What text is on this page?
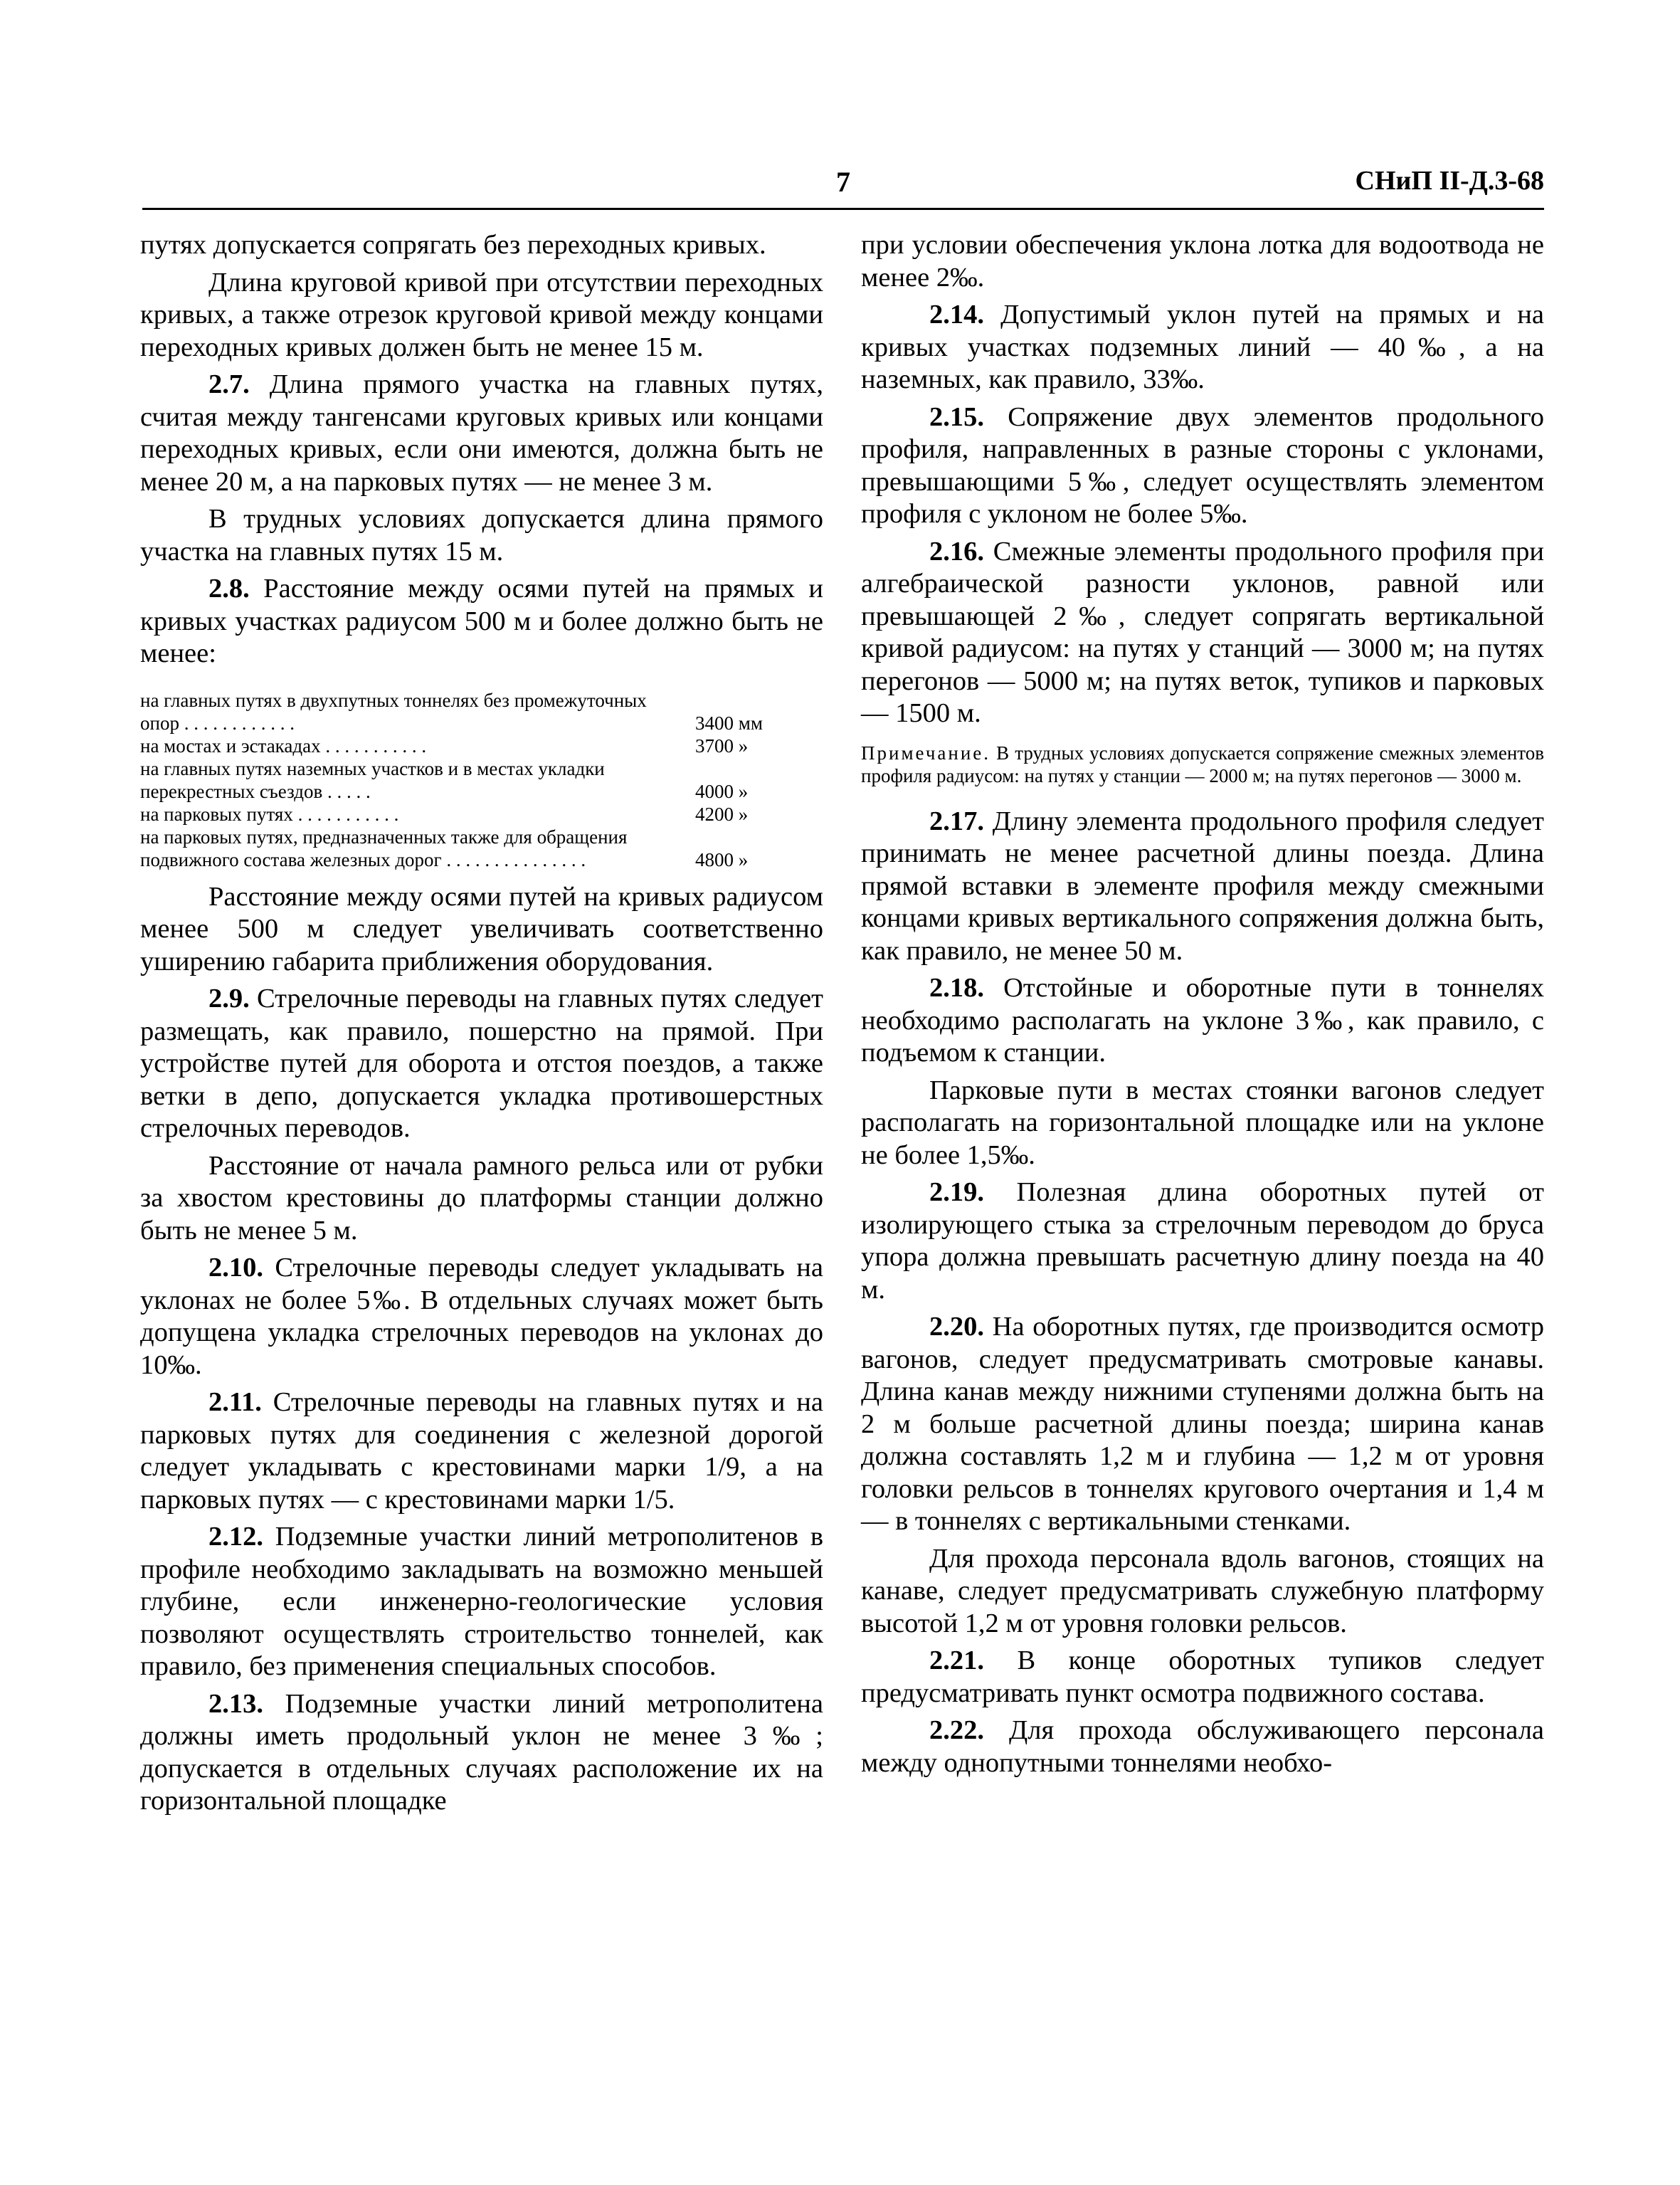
7	СНиП II-Д.3-68

путях допускается сопрягать без переходных кривых.

Длина круговой кривой при отсутствии переходных кривых, а также отрезок круговой кривой между концами переходных кривых должен быть не менее 15 м.

2.7. Длина прямого участка на главных путях, считая между тангенсами круговых кривых или концами переходных кривых, если они имеются, должна быть не менее 20 м, а на парковых путях — не менее 3 м.

В трудных условиях допускается длина прямого участка на главных путях 15 м.

2.8. Расстояние между осями путей на прямых и кривых участках радиусом 500 м и более должно быть не менее:

на главных путях в двухпутных тоннелях без промежуточных опор . . . . . . . . . . . .	3400 мм
на мостах и эстакадах . . . . . . . . . . .	3700 »
на главных путях наземных участков и в местах укладки перекрестных съездов . . . . .	4000 »
на парковых путях . . . . . . . . . . .	4200 »
на парковых путях, предназначенных также для обращения подвижного состава железных дорог . . . . . . . . . . . . . . .	4800 »

Расстояние между осями путей на кривых радиусом менее 500 м следует увеличивать соответственно уширению габарита приближения оборудования.

2.9. Стрелочные переводы на главных путях следует размещать, как правило, пошерстно на прямой. При устройстве путей для оборота и отстоя поездов, а также ветки в депо, допускается укладка противошерстных стрелочных переводов.

Расстояние от начала рамного рельса или от рубки за хвостом крестовины до платформы станции должно быть не менее 5 м.

2.10. Стрелочные переводы следует укладывать на уклонах не более 5‰. В отдельных случаях может быть допущена укладка стрелочных переводов на уклонах до 10‰.

2.11. Стрелочные переводы на главных путях и на парковых путях для соединения с железной дорогой следует укладывать с крестовинами марки 1/9, а на парковых путях — с крестовинами марки 1/5.

2.12. Подземные участки линий метрополитенов в профиле необходимо закладывать на возможно меньшей глубине, если инженерно-геологические условия позволяют осуществлять строительство тоннелей, как правило, без применения специальных способов.

2.13. Подземные участки линий метрополитена должны иметь продольный уклон не менее 3‰; допускается в отдельных случаях расположение их на горизонтальной площадке

при условии обеспечения уклона лотка для водоотвода не менее 2‰.

2.14. Допустимый уклон путей на прямых и на кривых участках подземных линий — 40‰, а на наземных, как правило, 33‰.

2.15. Сопряжение двух элементов продольного профиля, направленных в разные стороны с уклонами, превышающими 5‰, следует осуществлять элементом профиля с уклоном не более 5‰.

2.16. Смежные элементы продольного профиля при алгебраической разности уклонов, равной или превышающей 2‰, следует сопрягать вертикальной кривой радиусом: на путях у станций — 3000 м; на путях перегонов — 5000 м; на путях веток, тупиков и парковых — 1500 м.

Примечание. В трудных условиях допускается сопряжение смежных элементов профиля радиусом: на путях у станции — 2000 м; на путях перегонов — 3000 м.

2.17. Длину элемента продольного профиля следует принимать не менее расчетной длины поезда. Длина прямой вставки в элементе профиля между смежными концами кривых вертикального сопряжения должна быть, как правило, не менее 50 м.

2.18. Отстойные и оборотные пути в тоннелях необходимо располагать на уклоне 3‰, как правило, с подъемом к станции.

Парковые пути в местах стоянки вагонов следует располагать на горизонтальной площадке или на уклоне не более 1,5‰.

2.19. Полезная длина оборотных путей от изолирующего стыка за стрелочным переводом до бруса упора должна превышать расчетную длину поезда на 40 м.

2.20. На оборотных путях, где производится осмотр вагонов, следует предусматривать смотровые канавы. Длина канав между нижними ступенями должна быть на 2 м больше расчетной длины поезда; ширина канав должна составлять 1,2 м и глубина — 1,2 м от уровня головки рельсов в тоннелях кругового очертания и 1,4 м — в тоннелях с вертикальными стенками.

Для прохода персонала вдоль вагонов, стоящих на канаве, следует предусматривать служебную платформу высотой 1,2 м от уровня головки рельсов.

2.21. В конце оборотных тупиков следует предусматривать пункт осмотра подвижного состава.

2.22. Для прохода обслуживающего персонала между однопутными тоннелями необхо-
